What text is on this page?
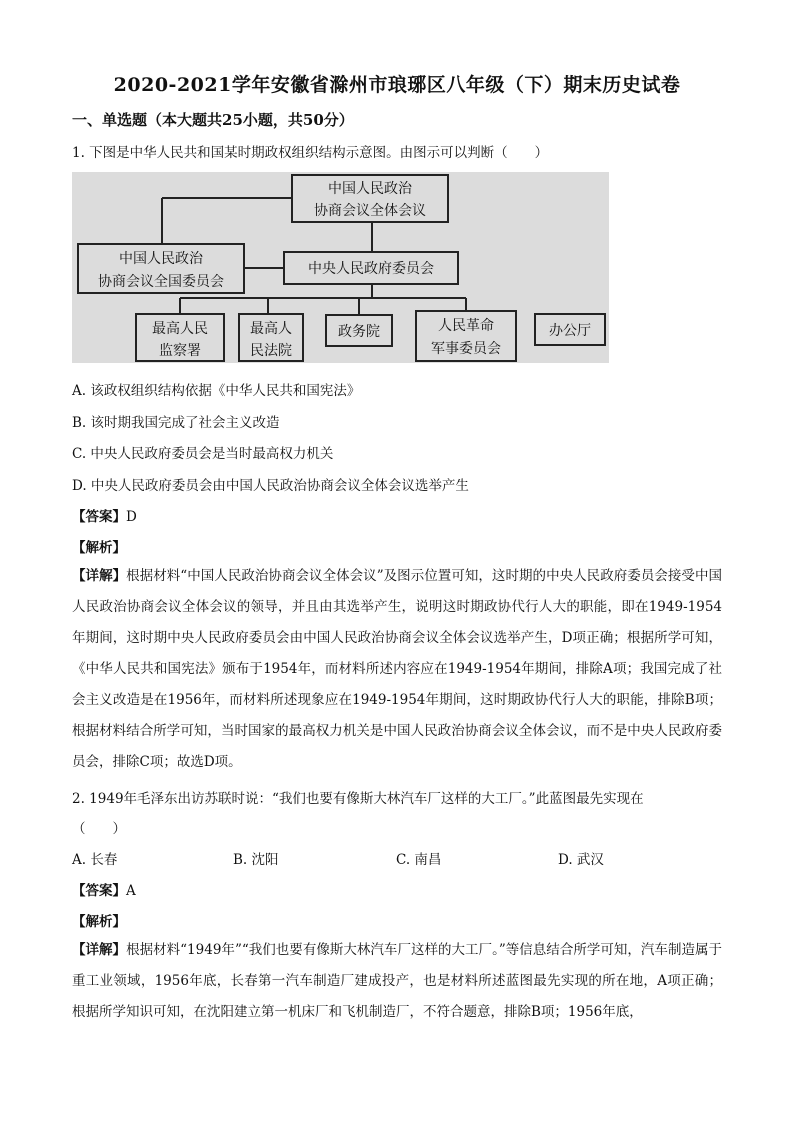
2020-2021学年安徽省滁州市琅琊区八年级（下）期末历史试卷
一、单选题（本大题共25小题，共50分）
1. 下图是中华人民共和国某时期政权组织结构示意图。由图示可以判断（　　）
中国人民政治
协商会议全体会议
中国人民政治
协商会议全国委员会
中央人民政府委员会
最高人民
监察署
最高人
民法院
政务院	人民革命
军事委员会
办公厅
A. 该政权组织结构依据《中华人民共和国宪法》
B. 该时期我国完成了社会主义改造
C. 中央人民政府委员会是当时最高权力机关
D. 中央人民政府委员会由中国人民政治协商会议全体会议选举产生
【答案】D
【解析】
【详解】根据材料“中国人民政治协商会议全体会议”及图示位置可知，这时期的中央人民政府委员会接受中国人民政治协商会议全体会议的领导，并且由其选举产生，说明这时期政协代行人大的职能，即在1949-1954年期间，这时期中央人民政府委员会由中国人民政治协商会议全体会议选举产生，D项正确；根据所学可知，《中华人民共和国宪法》颁布于1954年，而材料所述内容应在1949-1954年期间，排除A项；我国完成了社会主义改造是在1956年，而材料所述现象应在1949-1954年期间，这时期政协代行人大的职能，排除B项；根据材料结合所学可知，当时国家的最高权力机关是中国人民政治协商会议全体会议，而不是中央人民政府委员会，排除C项；故选D项。
2. 1949年毛泽东出访苏联时说：“我们也要有像斯大林汽车厂这样的大工厂。”此蓝图最先实现在
（　　）
A. 长春	B. 沈阳	C. 南昌	D. 武汉
【答案】A
【解析】
【详解】根据材料“1949年”“我们也要有像斯大林汽车厂这样的大工厂。”等信息结合所学可知，汽车制造属于重工业领域，1956年底，长春第一汽车制造厂建成投产，也是材料所述蓝图最先实现的所在地，A项正确；根据所学知识可知，在沈阳建立第一机床厂和飞机制造厂，不符合题意，排除B项；1956年底，
